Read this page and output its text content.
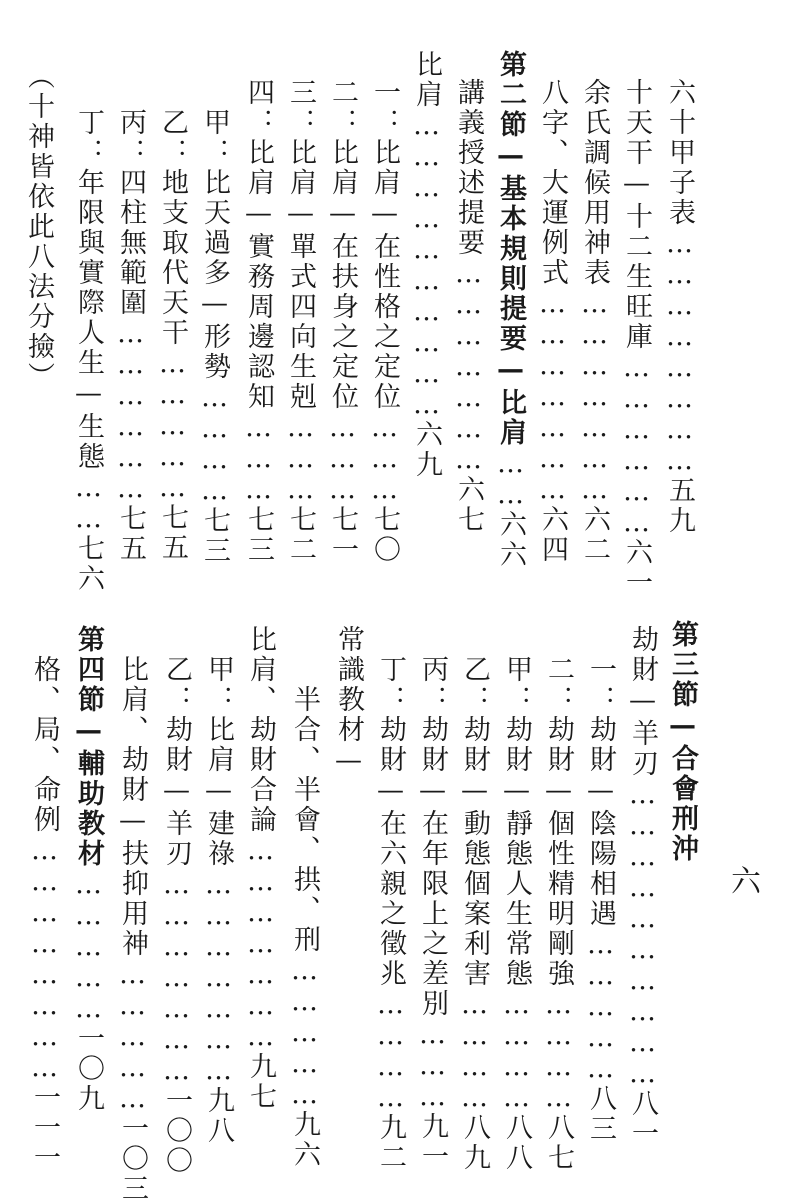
六
六十甲子表……………………五九
十天干—十二生旺庫………………六一
余氏調候用神表…………………六二
八字、大運例式…………………六四
第二節—基本規則提要—比肩……六六
講義授述提要…………………六七
比肩…………………………六九
一：比肩—在性格之定位………七〇
二：比肩—在扶身之定位………七一
三：比肩—單式四向生剋………七二
四：比肩—實務周邊認知………七三
甲：比天過多—形勢…………七三
乙：地支取代天干……………七五
丙：四柱無範圍………………七五
丁：年限與實際人生—生態……七六
（十神皆依此八法分撿）
第三節—合會刑沖
劫財—羊刃…………………………八一
一：劫財—陰陽相遇……………八三
二：劫財—個性精明剛強…………八七
甲：劫財—靜態人生常態…………八八
乙：劫財—動態個案利害…………八九
丙：劫財—在年限上之差別………九一
丁：劫財—在六親之徵兆…………九二
常識教材—
半合、半會、拱、刑……………九六
比肩、劫財合論…………………九七
甲：比肩—建祿…………………九八
乙：劫財—羊刃…………………一〇〇
比肩、劫財—扶抑用神……………一〇三
第四節—輔助教材……………一〇九
格、局、命例……………………一一一
